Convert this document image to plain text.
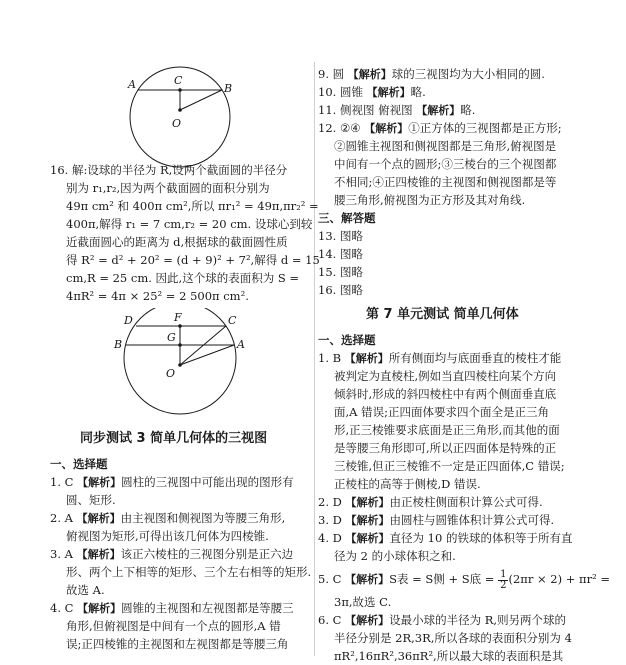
A	C
B
O
16. 解:设球的半径为 R,设两个截面圆的半径分
别为 r₁,r₂,因为两个截面圆的面积分别为
49π cm² 和 400π cm²,所以 πr₁² = 49π,πr₂² =
400π,解得 r₁ = 7 cm,r₂ = 20 cm. 设球心到较
近截面圆心的距离为 d,根据球的截面圆性质
得 R² = d² + 20² = (d + 9)² + 7²,解得 d = 15
cm,R = 25 cm. 因此,这个球的表面积为 S =
4πR² = 4π × 25² = 2 500π cm².
D	F	C
B
G
A
O
同步测试 3 简单几何体的三视图
一、选择题
1. C 【解析】圆柱的三视图中可能出现的图形有
圆、矩形.
2. A 【解析】由主视图和侧视图为等腰三角形,
俯视图为矩形,可得出该几何体为四棱锥.
3. A 【解析】该正六棱柱的三视图分别是正六边
形、两个上下相等的矩形、三个左右相等的矩形.
故选 A.
4. C 【解析】圆锥的主视图和左视图都是等腰三
角形,但俯视图是中间有一个点的圆形,A 错
误;正四棱锥的主视图和左视图都是等腰三角
9. 圆 【解析】球的三视图均为大小相同的圆.
10. 圆锥 【解析】略.
11. 侧视图 俯视图 【解析】略.
12. ②④ 【解析】①正方体的三视图都是正方形;
②圆锥主视图和侧视图都是三角形,俯视图是
中间有一个点的圆形;③三棱台的三个视图都
不相同;④正四棱锥的主视图和侧视图都是等
腰三角形,俯视图为正方形及其对角线.
三、解答题
13. 图略
14. 图略
15. 图略
16. 图略
第 7 单元测试 简单几何体
一、选择题
1. B 【解析】所有侧面均与底面垂直的棱柱才能
被判定为直棱柱,例如当直四棱柱向某个方向
倾斜时,形成的斜四棱柱中有两个侧面垂直底
面,A 错误;正四面体要求四个面全是正三角
形,正三棱锥要求底面是正三角形,而其他的面
是等腰三角形即可,所以正四面体是特殊的正
三棱锥,但正三棱锥不一定是正四面体,C 错误;
正棱柱的高等于侧棱,D 错误.
2. D 【解析】由正棱柱侧面积计算公式可得.
3. D 【解析】由圆柱与圆锥体积计算公式可得.
4. D 【解析】直径为 10 的铁球的体积等于所有直
径为 2 的小球体积之和.
5. C 【解析】S表 = S侧 + S底 = $\frac{1}{2} (2\pi r \times 2) + \pi r^2$ =
3π,故选 C.
6. C 【解析】设最小球的半径为 R,则另两个球的
半径分别是 2R,3R,所以各球的表面积分别为 4
πR²,16πR²,36πR²,所以最大球的表面积是其
